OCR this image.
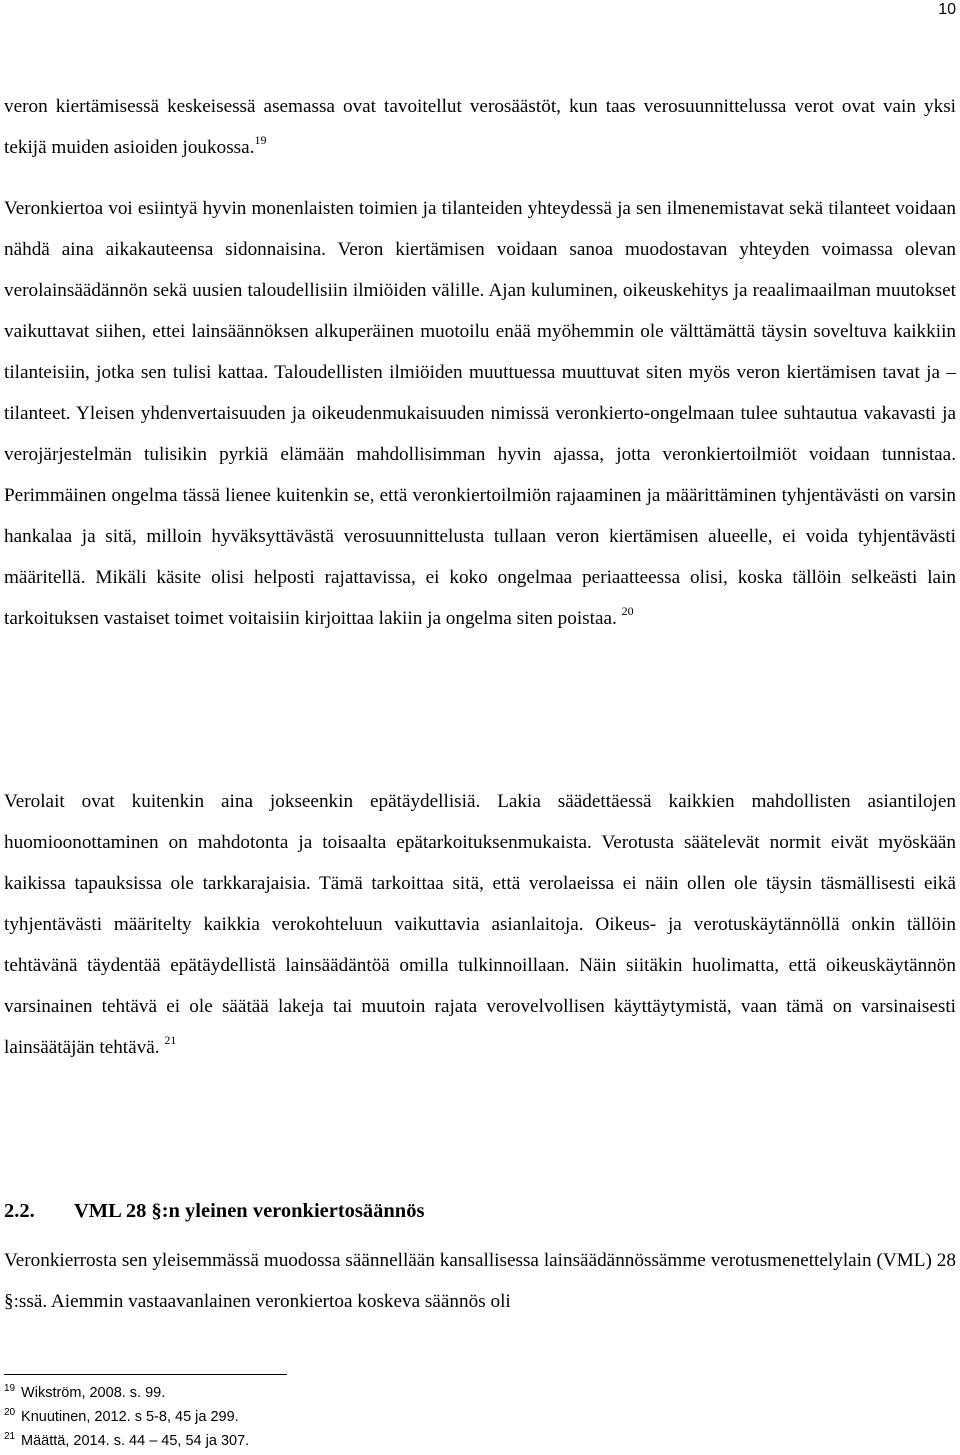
10

veron kiertämisessä keskeisessä asemassa ovat tavoitellut verosäästöt, kun taas verosuunnittelussa verot ovat vain yksi tekijä muiden asioiden joukossa.$^{19}$

Veronkiertoa voi esiintyä hyvin monenlaisten toimien ja tilanteiden yhteydessä ja sen ilmenemistavat sekä tilanteet voidaan nähdä aina aikakauteensa sidonnaisina. Veron kiertämisen voidaan sanoa muodostavan yhteyden voimassa olevan verolainsäädännön sekä uusien taloudellisiin ilmiöiden välille. Ajan kuluminen, oikeuskehitys ja reaalimaailman muutokset vaikuttavat siihen, ettei lainsäännöksen alkuperäinen muotoilu enää myöhemmin ole välttämättä täysin soveltuva kaikkiin tilanteisiin, jotka sen tulisi kattaa. Taloudellisten ilmiöiden muuttuessa muuttuvat siten myös veron kiertämisen tavat ja – tilanteet. Yleisen yhdenvertaisuuden ja oikeudenmukaisuuden nimissä veronkierto-ongelmaan tulee suhtautua vakavasti ja verojärjestelmän tulisikin pyrkiä elämään mahdollisimman hyvin ajassa, jotta veronkiertoilmiöt voidaan tunnistaa. Perimmäinen ongelma tässä lienee kuitenkin se, että veronkiertoilmiön rajaaminen ja määrittäminen tyhjentävästi on varsin hankalaa ja sitä, milloin hyväksyttävästä verosuunnittelusta tullaan veron kiertämisen alueelle, ei voida tyhjentävästi määritellä. Mikäli käsite olisi helposti rajattavissa, ei koko ongelmaa periaatteessa olisi, koska tällöin selkeästi lain tarkoituksen vastaiset toimet voitaisiin kirjoittaa lakiin ja ongelma siten poistaa. $^{20}$

Verolait ovat kuitenkin aina jokseenkin epätäydellisiä. Lakia säädettäessä kaikkien mahdollisten asiantilojen huomioonottaminen on mahdotonta ja toisaalta epätarkoituksenmukaista. Verotusta säätelevät normit eivät myöskään kaikissa tapauksissa ole tarkkarajaisia. Tämä tarkoittaa sitä, että verolaeissa ei näin ollen ole täysin täsmällisesti eikä tyhjentävästi määritelty kaikkia verokohteluun vaikuttavia asianlaitoja. Oikeus- ja verotuskäytännöllä onkin tällöin tehtävänä täydentää epätäydellistä lainsäädäntöä omilla tulkinnoillaan. Näin siitäkin huolimatta, että oikeuskäytännön varsinainen tehtävä ei ole säätää lakeja tai muutoin rajata verovelvollisen käyttäytymistä, vaan tämä on varsinaisesti lainsäätäjän tehtävä. $^{21}$

2.2. VML 28 §:n yleinen veronkiertosäännös

Veronkierrosta sen yleisemmässä muodossa säännellään kansallisessa lainsäädännössämme verotusmenettelylain (VML) 28 §:ssä. Aiemmin vastaavanlainen veronkiertoa koskeva säännös oli

$^{19}$ Wikström, 2008. s. 99.
$^{20}$ Knuutinen, 2012. s 5-8, 45 ja 299.
$^{21}$ Määttä, 2014. s. 44 – 45, 54 ja 307.
